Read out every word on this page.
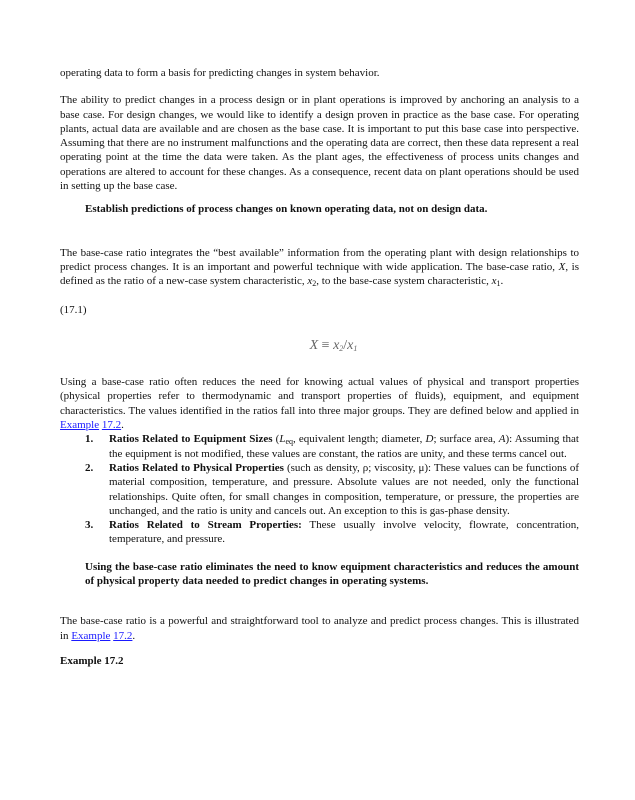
operating data to form a basis for predicting changes in system behavior.

The ability to predict changes in a process design or in plant operations is improved by anchoring an analysis to a base case. For design changes, we would like to identify a design proven in practice as the base case. For operating plants, actual data are available and are chosen as the base case. It is important to put this base case into perspective. Assuming that there are no instrument malfunctions and the operating data are correct, then these data represent a real operating point at the time the data were taken. As the plant ages, the effectiveness of process units changes and operations are altered to account for these changes. As a consequence, recent data on plant operations should be used in setting up the base case.

Establish predictions of process changes on known operating data, not on design data.

The base-case ratio integrates the “best available” information from the operating plant with design relationships to predict process changes. It is an important and powerful technique with wide application. The base-case ratio, X, is defined as the ratio of a new-case system characteristic, $x_2$, to the base-case system characteristic, $x_1$.

(17.1)

$X \equiv x_2/x_1$

Using a base-case ratio often reduces the need for knowing actual values of physical and transport properties (physical properties refer to thermodynamic and transport properties of fluids), equipment, and equipment characteristics. The values identified in the ratios fall into three major groups. They are defined below and applied in Example 17.2.

1. Ratios Related to Equipment Sizes ($L_{eq}$, equivalent length; diameter, D; surface area, A): Assuming that the equipment is not modified, these values are constant, the ratios are unity, and these terms cancel out.
2. Ratios Related to Physical Properties (such as density, ρ; viscosity, μ): These values can be functions of material composition, temperature, and pressure. Absolute values are not needed, only the functional relationships. Quite often, for small changes in composition, temperature, or pressure, the properties are unchanged, and the ratio is unity and cancels out. An exception to this is gas-phase density.
3. Ratios Related to Stream Properties: These usually involve velocity, flowrate, concentration, temperature, and pressure.

Using the base-case ratio eliminates the need to know equipment characteristics and reduces the amount of physical property data needed to predict changes in operating systems.

The base-case ratio is a powerful and straightforward tool to analyze and predict process changes. This is illustrated in Example 17.2.

Example 17.2
